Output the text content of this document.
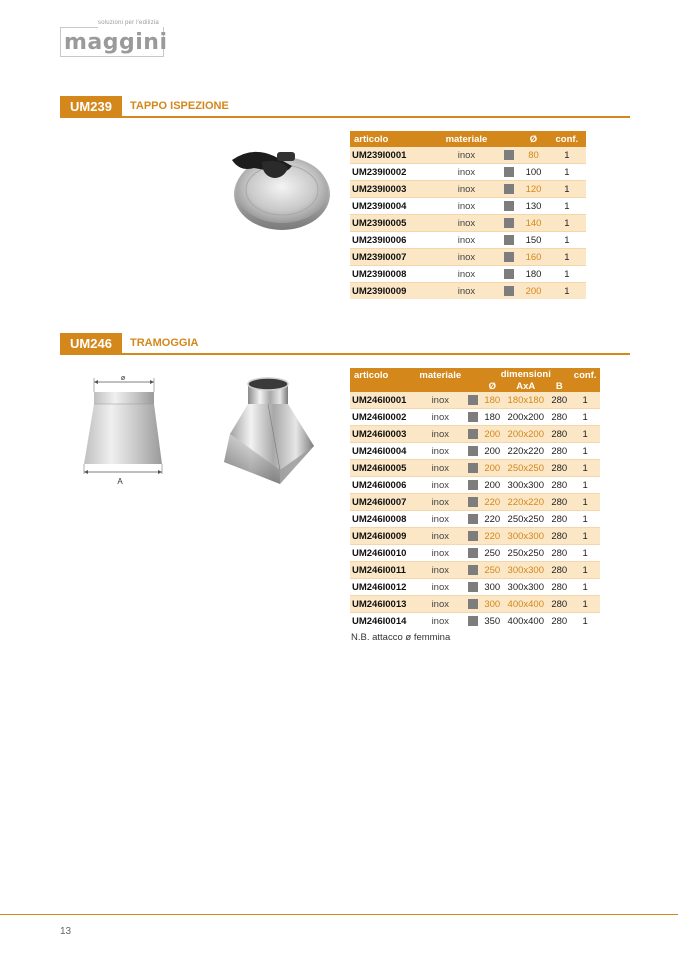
soluzioni per l'edilizia
maggini
UM239	TAPPO ISPEZIONE
articolo	materiale		Ø	conf.
UM239I0001	inox		80	1
UM239I0002	inox		100	1
UM239I0003	inox		120	1
UM239I0004	inox		130	1
UM239I0005	inox		140	1
UM239I0006	inox		150	1
UM239I0007	inox		160	1
UM239I0008	inox		180	1
UM239I0009	inox		200	1
UM246	TRAMOGGIA
ø
A
articolo	materiale		dimensioni			conf.
			Ø	AxA	B	
UM246I0001	inox		180	180x180	280	1
UM246I0002	inox		180	200x200	280	1
UM246I0003	inox		200	200x200	280	1
UM246I0004	inox		200	220x220	280	1
UM246I0005	inox		200	250x250	280	1
UM246I0006	inox		200	300x300	280	1
UM246I0007	inox		220	220x220	280	1
UM246I0008	inox		220	250x250	280	1
UM246I0009	inox		220	300x300	280	1
UM246I0010	inox		250	250x250	280	1
UM246I0011	inox		250	300x300	280	1
UM246I0012	inox		300	300x300	280	1
UM246I0013	inox		300	400x400	280	1
UM246I0014	inox		350	400x400	280	1
N.B. attacco ø femmina
13
